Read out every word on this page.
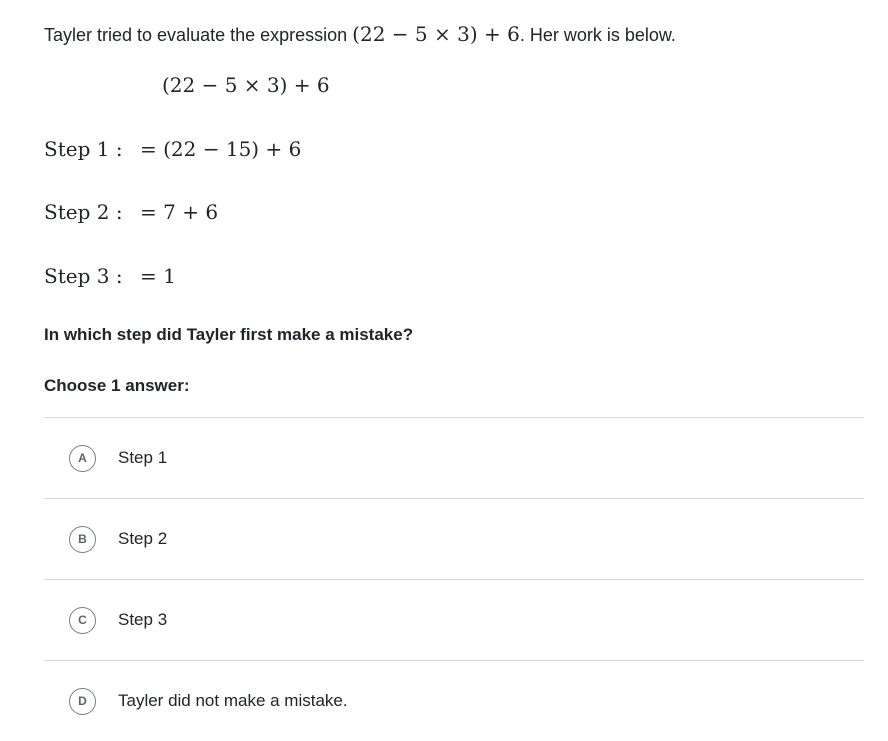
Tayler tried to evaluate the expression (22 − 5 × 3) + 6. Her work is below.
(22 − 5 × 3) + 6
Step 1 : = (22 − 15) + 6
Step 2 : = 7 + 6
Step 3 : = 1
In which step did Tayler first make a mistake?
Choose 1 answer:
A	Step 1
B	Step 2
C	Step 3
D	Tayler did not make a mistake.
